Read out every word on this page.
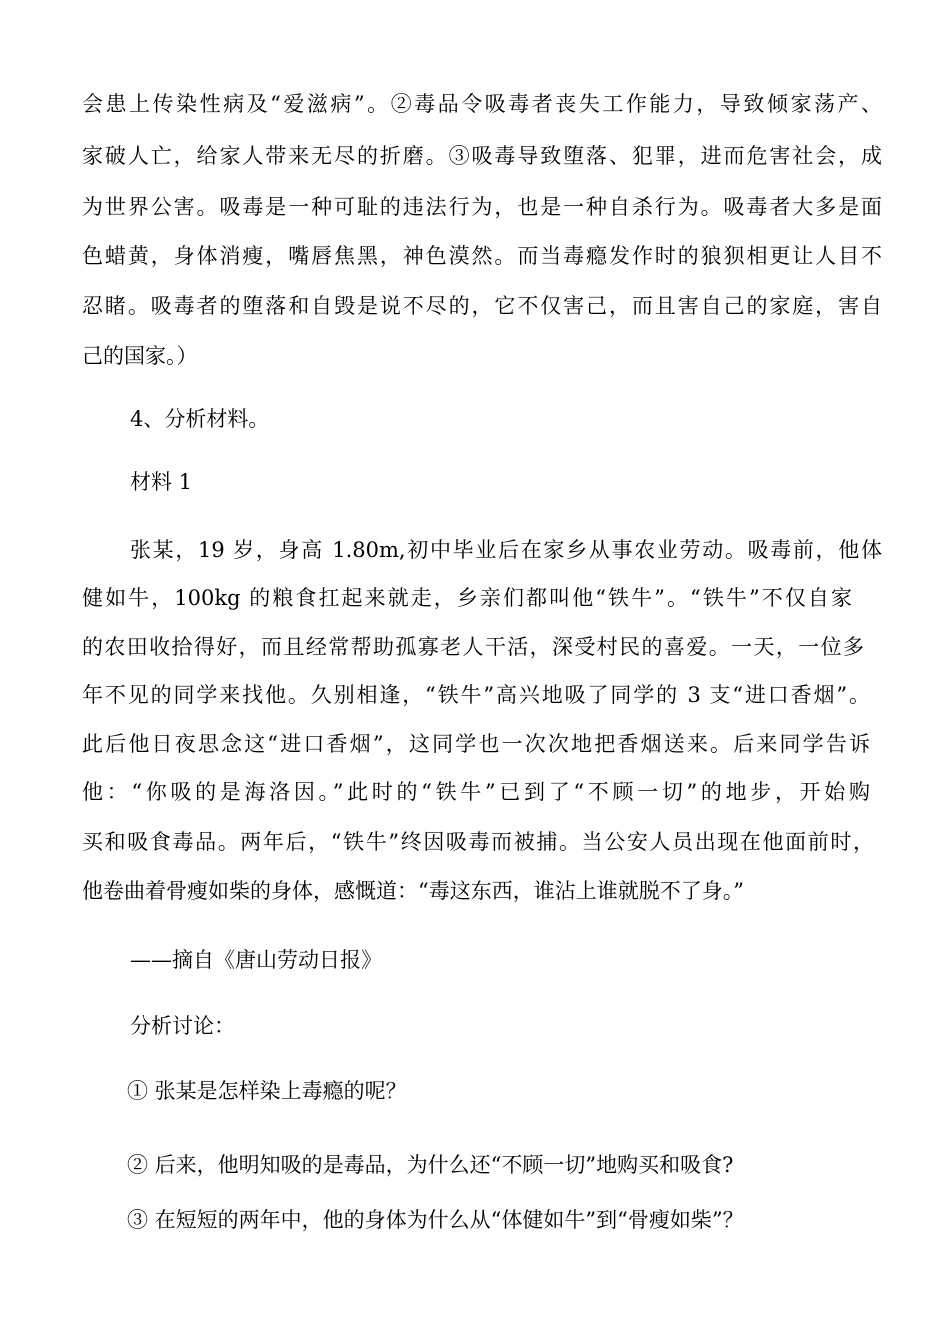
会患上传染性病及“爱滋病”。②毒品令吸毒者丧失工作能力，导致倾家荡产、
家破人亡，给家人带来无尽的折磨。③吸毒导致堕落、犯罪，进而危害社会，成
为世界公害。吸毒是一种可耻的违法行为，也是一种自杀行为。吸毒者大多是面
色蜡黄，身体消瘦，嘴唇焦黑，神色漠然。而当毒瘾发作时的狼狈相更让人目不
忍睹。吸毒者的堕落和自毁是说不尽的，它不仅害己，而且害自己的家庭，害自
己的国家。）
4、分析材料。
材料 1
张某，19 岁，身高 1.80m,初中毕业后在家乡从事农业劳动。吸毒前，他体
健如牛，100kg 的粮食扛起来就走，乡亲们都叫他“铁牛”。“铁牛”不仅自家
的农田收拾得好，而且经常帮助孤寡老人干活，深受村民的喜爱。一天，一位多
年不见的同学来找他。久别相逢，“铁牛”高兴地吸了同学的 3 支“进口香烟”。
此后他日夜思念这“进口香烟”，这同学也一次次地把香烟送来。后来同学告诉
他：“你吸的是海洛因。”此时的“铁牛”已到了“不顾一切”的地步，开始购
买和吸食毒品。两年后，“铁牛”终因吸毒而被捕。当公安人员出现在他面前时，
他卷曲着骨瘦如柴的身体，感慨道：“毒这东西，谁沾上谁就脱不了身。”
——摘自《唐山劳动日报》
分析讨论：
① 张某是怎样染上毒瘾的呢？
② 后来，他明知吸的是毒品，为什么还“不顾一切”地购买和吸食?
③ 在短短的两年中，他的身体为什么从“体健如牛”到“骨瘦如柴”？
